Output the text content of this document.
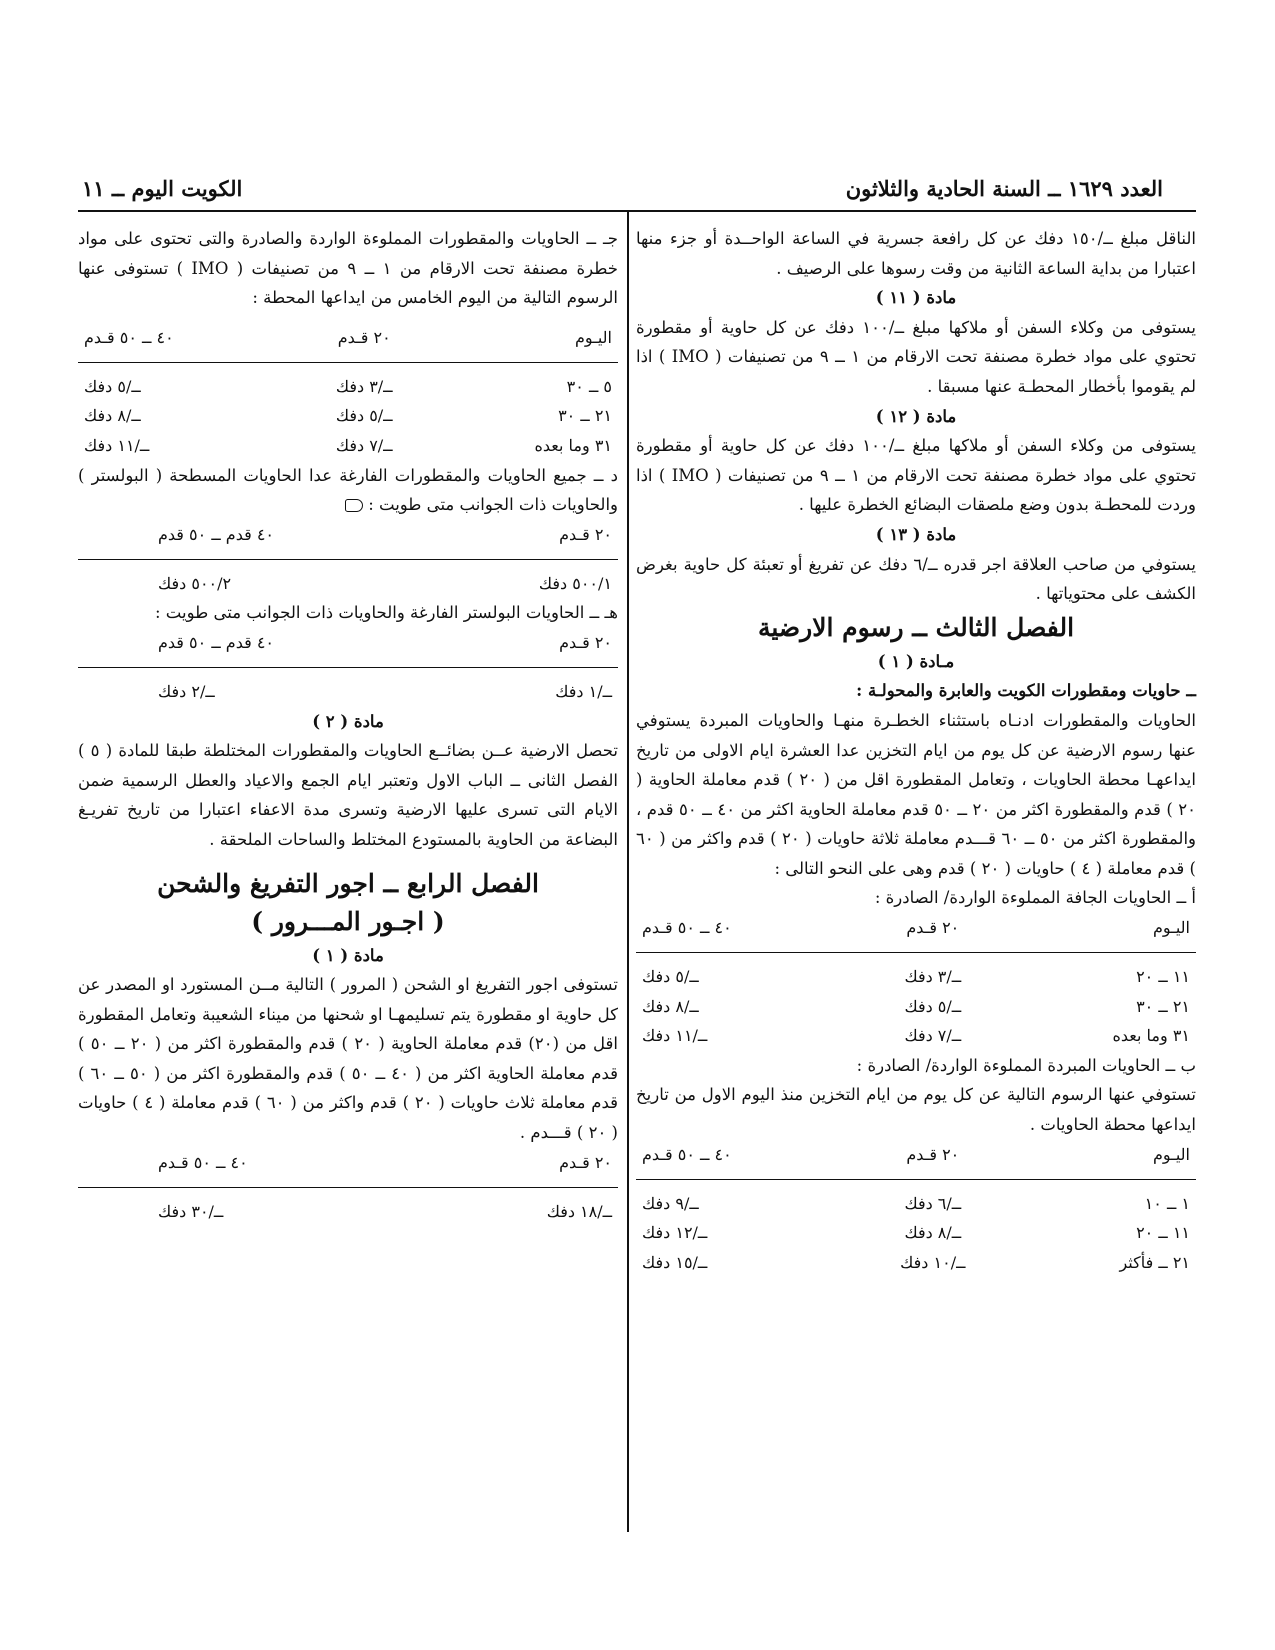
العدد ١٦٢٩ ــ السنة الحادية والثلاثون
الكويت اليوم ــ ١١

الناقل مبلغ ــ/١٥٠ دفك عن كل رافعة جسرية في الساعة الواحــدة أو جزء منها اعتبارا من بداية الساعة الثانية من وقت رسوها على الرصيف .

مادة ( ١١ )

يستوفى من وكلاء السفن أو ملاكها مبلغ ــ/١٠٠ دفك عن كل حاوية أو مقطورة تحتوي على مواد خطرة مصنفة تحت الارقام من ١ ــ ٩ من تصنيفات ( IMO ) اذا لم يقوموا بأخطار المحطـة عنها مسبقا .

مادة ( ١٢ )

يستوفى من وكلاء السفن أو ملاكها مبلغ ــ/١٠٠ دفك عن كل حاوية أو مقطورة تحتوي على مواد خطرة مصنفة تحت الارقام من ١ ــ ٩ من تصنيفات ( IMO ) اذا وردت للمحطـة بدون وضع ملصقات البضائع الخطرة عليها .

مادة ( ١٣ )

يستوفي من صاحب العلاقة اجر قدره ــ/٦ دفك عن تفريغ أو تعبئة كل حاوية بغرض الكشف على محتوياتها .

الفصل الثالث ــ رسوم الارضية
مـادة ( ١ )
ــ حاويات ومقطورات الكويت والعابرة والمحولـة :

الحاويات والمقطورات ادنـاه باستثناء الخطـرة منهـا والحاويات المبردة يستوفي عنها رسوم الارضية عن كل يوم من ايام التخزين عدا العشرة ايام الاولى من تاريخ ايداعهـا محطة الحاويات ، وتعامل المقطورة اقل من ( ٢٠ ) قدم معاملة الحاوية ( ٢٠ ) قدم والمقطورة اكثر من ٢٠ ــ ٥٠ قدم معاملة الحاوية اكثر من ٤٠ ــ ٥٠ قدم ، والمقطورة اكثر من ٥٠ ــ ٦٠ قـــدم معاملة ثلاثة حاويات ( ٢٠ ) قدم واكثر من ( ٦٠ ) قدم معاملة ( ٤ ) حاويات ( ٢٠ ) قدم وهى على النحو التالى :

أ ــ الحاويات الجافة المملوءة الواردة/ الصادرة :
اليـوم	٢٠ قـدم	٤٠ ــ ٥٠ قـدم

١١ ــ ٢٠	ــ/٣ دفك	ــ/٥ دفك
٢١ ــ ٣٠	ــ/٥ دفك	ــ/٨ دفك
٣١ وما بعده	ــ/٧ دفك	ــ/١١ دفك
ب ــ الحاويات المبردة المملوءة الواردة/ الصادرة :

تستوفي عنها الرسوم التالية عن كل يوم من ايام التخزين منذ اليوم الاول من تاريخ ايداعها محطة الحاويات .

اليـوم	٢٠ قـدم	٤٠ ــ ٥٠ قـدم

١ ــ ١٠	ــ/٦ دفك	ــ/٩ دفك
١١ ــ ٢٠	ــ/٨ دفك	ــ/١٢ دفك
٢١ ــ فأكثر	ــ/١٠ دفك	ــ/١٥ دفك

جـ ــ الحاويات والمقطورات المملوءة الواردة والصادرة والتى تحتوى على مواد خطرة مصنفة تحت الارقام من ١ ــ ٩ من تصنيفات ( IMO ) تستوفى عنها الرسوم التالية من اليوم الخامس من ايداعها المحطة :

اليـوم	٢٠ قـدم	٤٠ ــ ٥٠ قـدم

٥ ــ ٣٠	ــ/٣ دفك	ــ/٥ دفك
٢١ ــ ٣٠	ــ/٥ دفك	ــ/٨ دفك
٣١ وما بعده	ــ/٧ دفك	ــ/١١ دفك

د ــ جميع الحاويات والمقطورات الفارغة عدا الحاويات المسطحة ( البولستر ) والحاويات ذات الجوانب متى طويت :

٢٠ قـدم	٤٠ قدم ــ ٥٠ قدم

٥٠٠/١ دفك	٥٠٠/٢ دفك

هـ ــ الحاويات البولستر الفارغة والحاويات ذات الجوانب متى طويت :

٢٠ قـدم	٤٠ قدم ــ ٥٠ قدم

ــ/١ دفك	ــ/٢ دفك
مادة ( ٢ )

تحصل الارضية عــن بضائــع الحاويات والمقطورات المختلطة طبقا للمادة ( ٥ ) الفصل الثانى ــ الباب الاول وتعتبر ايام الجمع والاعياد والعطل الرسمية ضمن الايام التى تسرى عليها الارضية وتسرى مدة الاعفاء اعتبارا من تاريخ تفريـغ البضاعة من الحاوية بالمستودع المختلط والساحات الملحقة .

الفصل الرابع ــ اجور التفريغ والشحن
( اجـور المـــرور )
مادة ( ١ )

تستوفى اجور التفريغ او الشحن ( المرور ) التالية مــن المستورد او المصدر عن كل حاوية او مقطورة يتم تسليمهـا او شحنها من ميناء الشعيبة وتعامل المقطورة اقل من (٢٠) قدم معاملة الحاوية ( ٢٠ ) قدم والمقطورة اكثر من ( ٢٠ ــ ٥٠ ) قدم معاملة الحاوية اكثر من ( ٤٠ ــ ٥٠ ) قدم والمقطورة اكثر من ( ٥٠ ــ ٦٠ ) قدم معاملة ثلاث حاويات ( ٢٠ ) قدم واكثر من ( ٦٠ ) قدم معاملة ( ٤ ) حاويات ( ٢٠ ) قـــدم .

٢٠ قـدم	٤٠ ــ ٥٠ قـدم

ــ/١٨ دفك	ــ/٣٠ دفك
